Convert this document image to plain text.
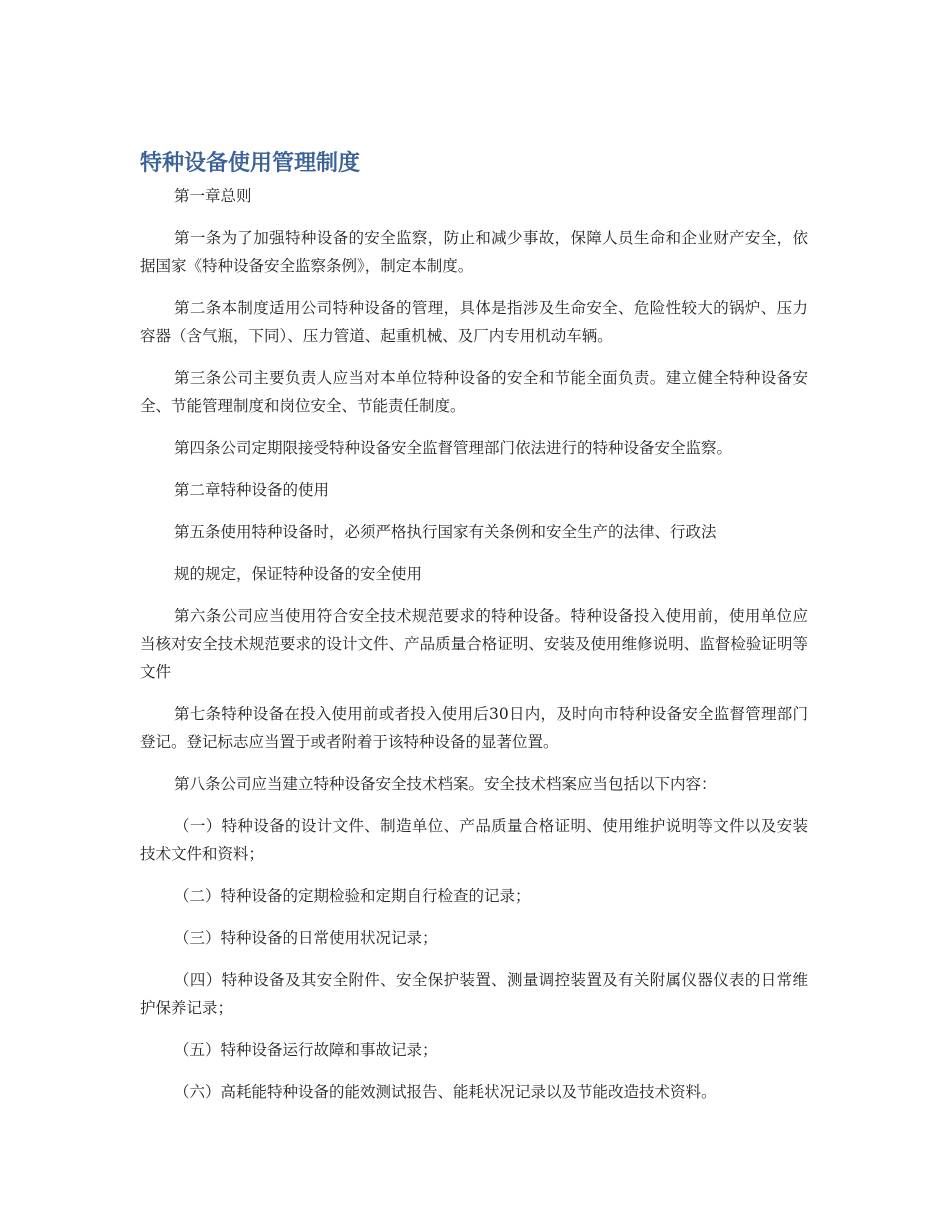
特种设备使用管理制度

第一章总则

第一条为了加强特种设备的安全监察，防止和减少事故，保障人员生命和企业财产安全，依据国家《特种设备安全监察条例》，制定本制度。

第二条本制度适用公司特种设备的管理，具体是指涉及生命安全、危险性较大的锅炉、压力容器（含气瓶，下同）、压力管道、起重机械、及厂内专用机动车辆。

第三条公司主要负责人应当对本单位特种设备的安全和节能全面负责。建立健全特种设备安全、节能管理制度和岗位安全、节能责任制度。

第四条公司定期限接受特种设备安全监督管理部门依法进行的特种设备安全监察。

第二章特种设备的使用

第五条使用特种设备时，必须严格执行国家有关条例和安全生产的法律、行政法

规的规定，保证特种设备的安全使用

第六条公司应当使用符合安全技术规范要求的特种设备。特种设备投入使用前，使用单位应当核对安全技术规范要求的设计文件、产品质量合格证明、安装及使用维修说明、监督检验证明等文件

第七条特种设备在投入使用前或者投入使用后30日内，及时向市特种设备安全监督管理部门登记。登记标志应当置于或者附着于该特种设备的显著位置。

第八条公司应当建立特种设备安全技术档案。安全技术档案应当包括以下内容：

（一）特种设备的设计文件、制造单位、产品质量合格证明、使用维护说明等文件以及安装技术文件和资料；

（二）特种设备的定期检验和定期自行检查的记录；

（三）特种设备的日常使用状况记录；

（四）特种设备及其安全附件、安全保护装置、测量调控装置及有关附属仪器仪表的日常维护保养记录；

（五）特种设备运行故障和事故记录；

（六）高耗能特种设备的能效测试报告、能耗状况记录以及节能改造技术资料。
